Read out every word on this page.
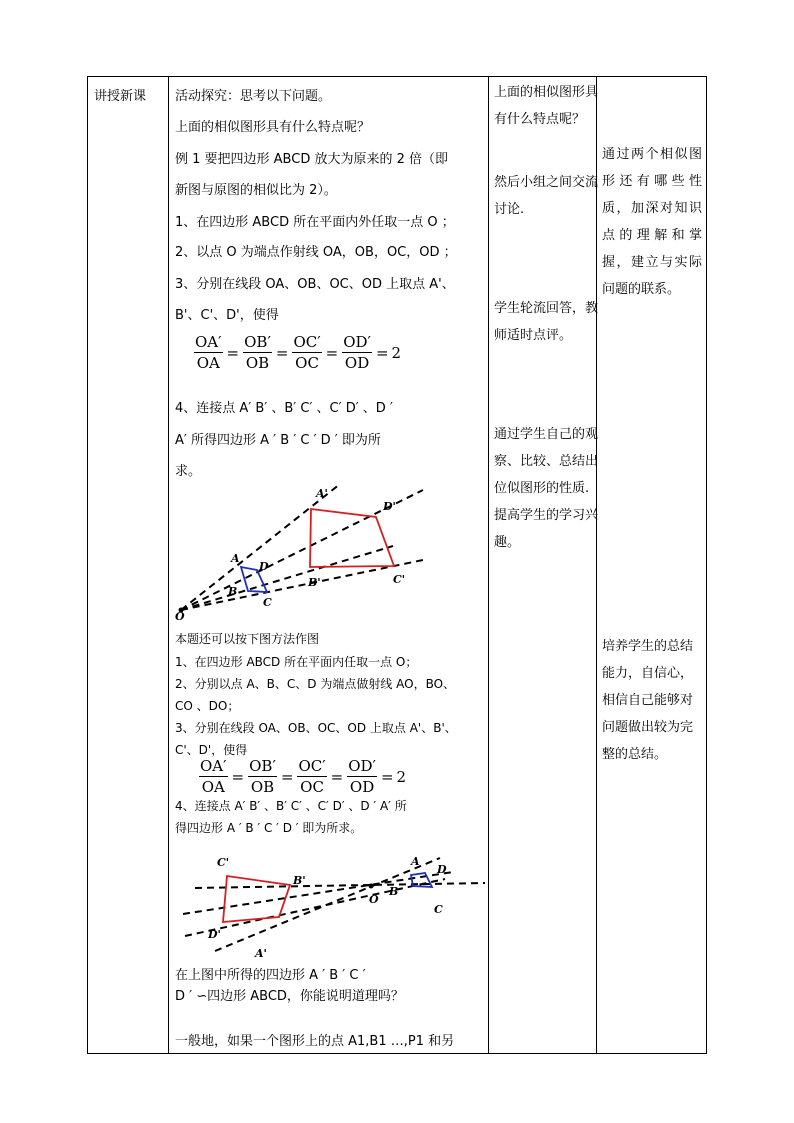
讲授新课	活动探究：思考以下问题。
上面的相似图形具有什么特点呢？
例 1 要把四边形 ABCD 放大为原来的 2 倍（即
新图与原图的相似比为 2）。
1、在四边形 ABCD 所在平面内外任取一点 O ；
2、以点 O 为端点作射线 OA，OB，OC，OD ；
3、分别在线段 OA、OB、OC、OD 上取点 A'、
B'、C'、D'，使得
$\frac{OA'}{OA} = \frac{OB'}{OB} = \frac{OC'}{OC} = \frac{OD'}{OD} = 2$
4、连接点 A′ B′ 、B′ C′ 、C′ D′ 、D ′
A′ 所得四边形 A ′ B ′ C ′ D ′ 即为所
求。
A'
D'
A
D
B
B'	C'
C
O
本题还可以按下图方法作图
1、在四边形 ABCD 所在平面内任取一点 O；
2、分别以点 A、B、C、D 为端点做射线 AO，BO、
CO 、DO；
3、分别在线段 OA、OB、OC、OD 上取点 A'、B'、
C'、D'，使得
$\frac{OA'}{OA} = \frac{OB'}{OB} = \frac{OC'}{OC} = \frac{OD'}{OD} = 2$
4、连接点 A′ B′ 、B′ C′ 、C′ D′ 、D ′ A′ 所
得四边形 A ′ B ′ C ′ D ′ 即为所求。
C'
B'
A
D
O
B
C
D'
A'
在上图中所得的四边形 A ′ B ′ C ′
D ′ ∽四边形 ABCD，你能说明道理吗？
一般地，如果一个图形上的点 A1,B1 …,P1 和另
上面的相似图形具有什么特点呢？
然后小组之间交流讨论.
学生轮流回答，教师适时点评。
通过学生自己的观察、比较、总结出位似图形的性质.提高学生的学习兴趣。
通过两个相似图形还有哪些性质，加深对知识点的理解和掌握，建立与实际问题的联系。
培养学生的总结能力，自信心，相信自己能够对问题做出较为完整的总结。
